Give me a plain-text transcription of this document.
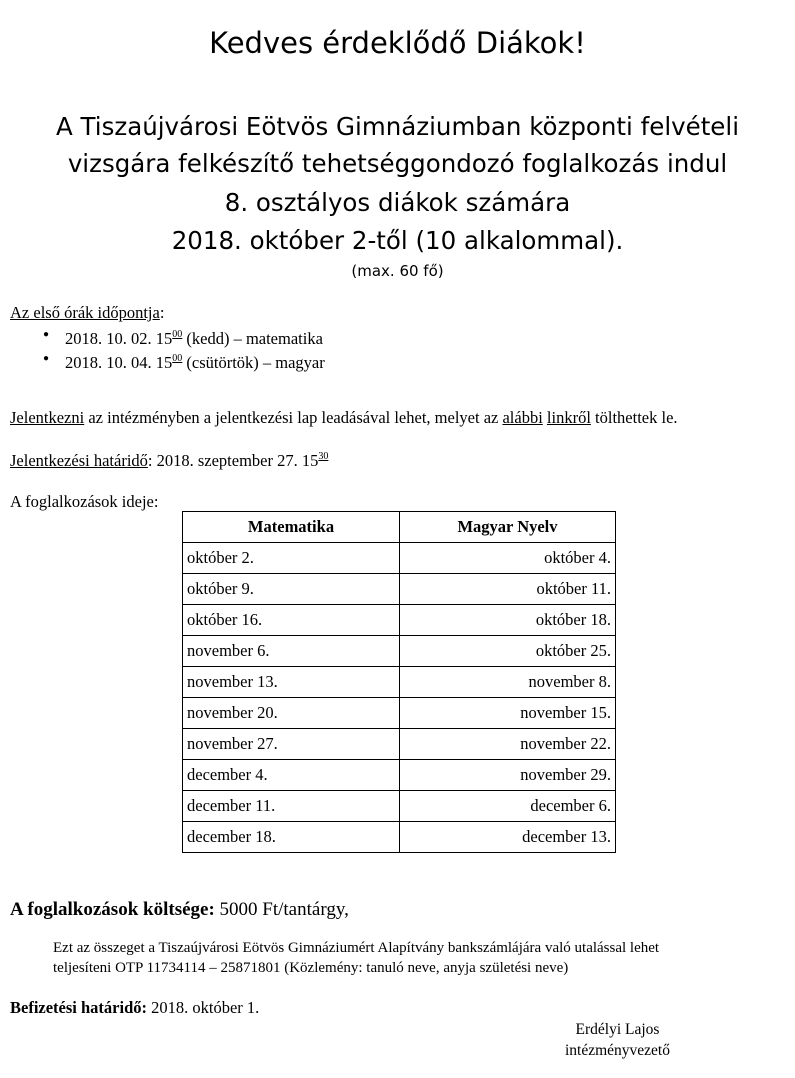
Kedves érdeklődő Diákok!
A Tiszaújvárosi Eötvös Gimnáziumban központi felvételi
vizsgára felkészítő tehetséggondozó foglalkozás indul
8. osztályos diákok számára
2018. október 2-től (10 alkalommal).
(max. 60 fő)
Az első órák időpontja:
● 2018. 10. 02. $15^{00}$ (kedd) – matematika
● 2018. 10. 04. $15^{00}$ (csütörtök) – magyar
Jelentkezni az intézményben a jelentkezési lap leadásával lehet, melyet az alábbi linkről tölthettek le.
Jelentkezési határidő: 2018. szeptember 27. $15^{30}$
A foglalkozások ideje:
Matematika	Magyar Nyelv
október 2.	október 4.
október 9.	október 11.
október 16.	október 18.
november 6.	október 25.
november 13.	november 8.
november 20.	november 15.
november 27.	november 22.
december 4.	november 29.
december 11.	december 6.
december 18.	december 13.
A foglalkozások költsége: 5000 Ft/tantárgy,
Ezt az összeget a Tiszaújvárosi Eötvös Gimnáziumért Alapítvány bankszámlájára való utalással lehet
teljesíteni OTP 11734114 – 25871801 (Közlemény: tanuló neve, anyja születési neve)
Befizetési határidő: 2018. október 1.
Erdélyi Lajos
intézményvezető
